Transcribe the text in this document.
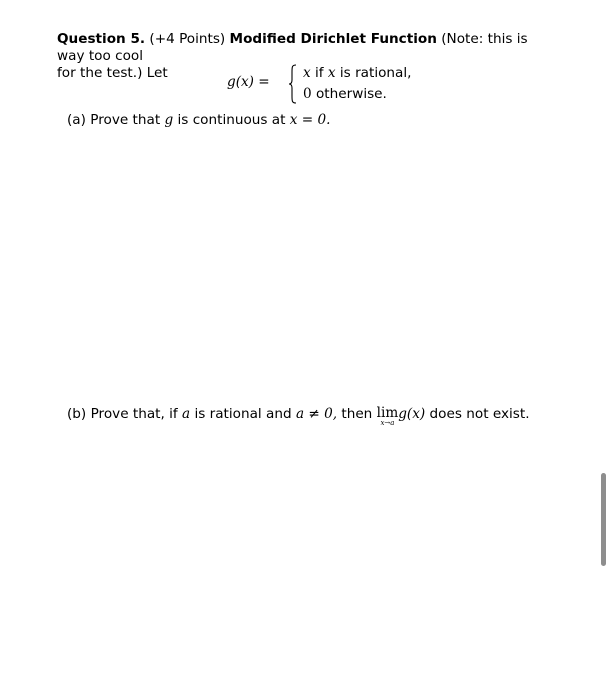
Question 5. (+4 Points) Modified Dirichlet Function (Note: this is way too cool
for the test.) Let
g(x) =
x if x is rational,
0 otherwise.
(a) Prove that g is continuous at x = 0.
(b) Prove that, if a is rational and a ≠ 0, then lim
x→a
g(x) does not exist.
